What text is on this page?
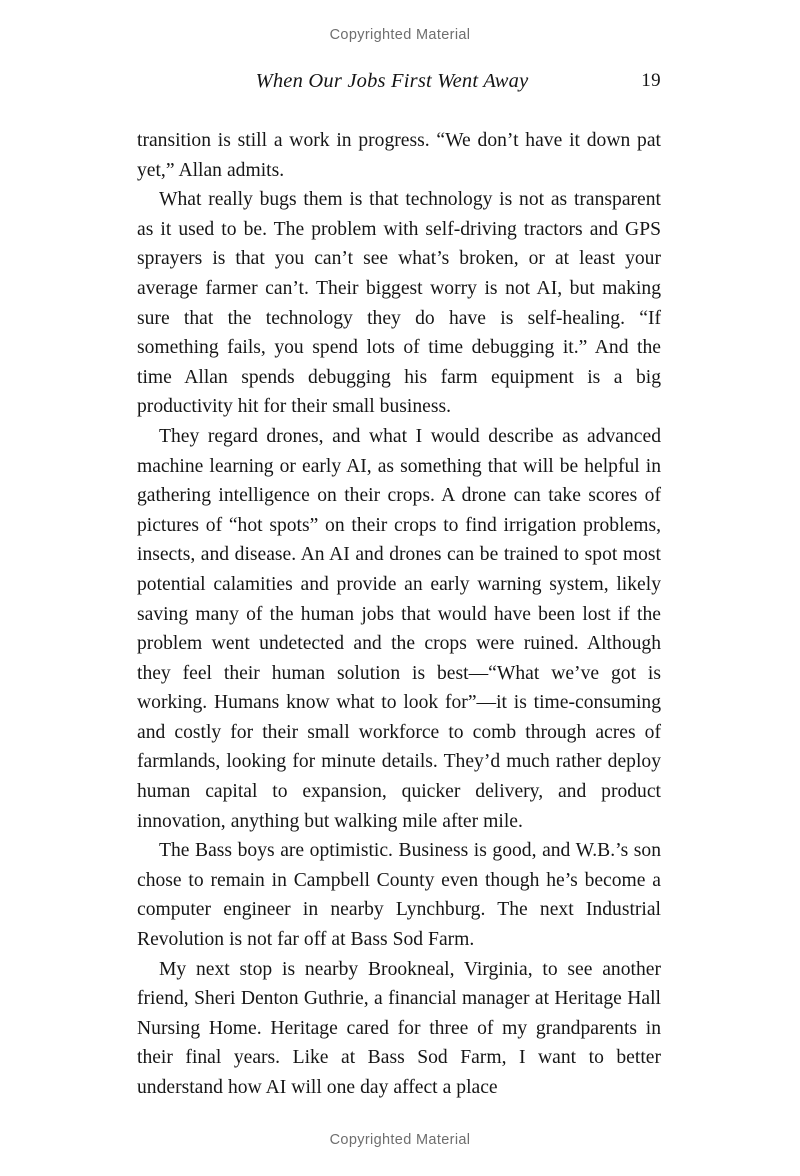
Copyrighted Material
When Our Jobs First Went Away	19

transition is still a work in progress. “We don’t have it down pat yet,” Allan admits.

What really bugs them is that technology is not as transparent as it used to be. The problem with self-driving tractors and GPS sprayers is that you can’t see what’s broken, or at least your average farmer can’t. Their biggest worry is not AI, but making sure that the technology they do have is self-healing. “If something fails, you spend lots of time debugging it.” And the time Allan spends debugging his farm equipment is a big productivity hit for their small business.

They regard drones, and what I would describe as advanced machine learning or early AI, as something that will be helpful in gathering intelligence on their crops. A drone can take scores of pictures of “hot spots” on their crops to find irrigation problems, insects, and disease. An AI and drones can be trained to spot most potential calamities and provide an early warning system, likely saving many of the human jobs that would have been lost if the problem went undetected and the crops were ruined. Although they feel their human solution is best—“What we’ve got is working. Humans know what to look for”—it is time-consuming and costly for their small workforce to comb through acres of farmlands, looking for minute details. They’d much rather deploy human capital to expansion, quicker delivery, and product innovation, anything but walking mile after mile.

The Bass boys are optimistic. Business is good, and W.B.’s son chose to remain in Campbell County even though he’s become a computer engineer in nearby Lynchburg. The next Industrial Revolution is not far off at Bass Sod Farm.

My next stop is nearby Brookneal, Virginia, to see another friend, Sheri Denton Guthrie, a financial manager at Heritage Hall Nursing Home. Heritage cared for three of my grandparents in their final years. Like at Bass Sod Farm, I want to better understand how AI will one day affect a place

Copyrighted Material
